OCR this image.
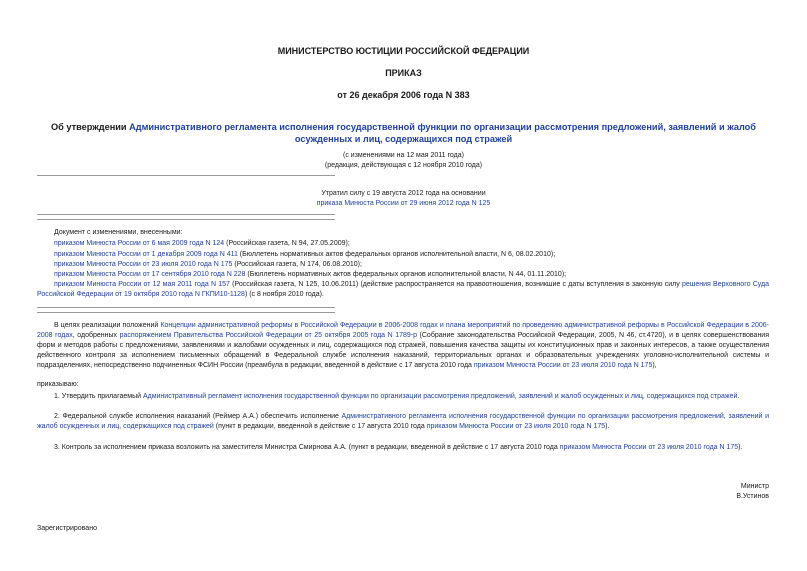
МИНИСТЕРСТВО ЮСТИЦИИ РОССИЙСКОЙ ФЕДЕРАЦИИ
ПРИКАЗ
от 26 декабря 2006 года N 383
Об утверждении Административного регламента исполнения государственной функции по организации рассмотрения предложений, заявлений и жалоб осужденных и лиц, содержащихся под стражей
(с изменениями на 12 мая 2011 года)
(редакция, действующая с 12 ноября 2010 года)
Утратил силу с 19 августа 2012 года на основании
приказа Минюста России от 29 июня 2012 года N 125
Документ с изменениями, внесенными:
приказом Минюста России от 6 мая 2009 года N 124 (Российская газета, N 94, 27.05.2009);
приказом Минюста России от 1 декабря 2009 года N 411 (Бюллетень нормативных актов федеральных органов исполнительной власти, N 6, 08.02.2010);
приказом Минюста России от 23 июля 2010 года N 175 (Российская газета, N 174, 06.08.2010);
приказом Минюста России от 17 сентября 2010 года N 228 (Бюллетень нормативных актов федеральных органов исполнительной власти, N 44, 01.11.2010);
приказом Минюста России от 12 мая 2011 года N 157 (Российская газета, N 125, 10.06.2011) (действие распространяется на правоотношения, возникшие с даты вступления в законную силу решения Верховного Суда Российской Федерации от 19 октября 2010 года N ГКПИ10-1128) (с 8 ноября 2010 года).
В целях реализации положений Концепции административной реформы в Российской Федерации в 2006-2008 годах и плана мероприятий по проведению административной реформы в Российской Федерации в 2006-2008 годах, одобренных распоряжением Правительства Российской Федерации от 25 октября 2005 года N 1789-р (Собрание законодательства Российской Федерации, 2005, N 46, ст.4720), и в целях совершенствования форм и методов работы с предложениями, заявлениями и жалобами осужденных и лиц, содержащихся под стражей, повышения качества защиты их конституционных прав и законных интересов, а также осуществления действенного контроля за исполнением письменных обращений в Федеральной службе исполнения наказаний, территориальных органах и образовательных учреждениях уголовно-исполнительной системы и подразделениях, непосредственно подчиненных ФСИН России (преамбула в редакции, введенной в действие с 17 августа 2010 года приказом Минюста России от 23 июля 2010 года N 175),
приказываю:
1. Утвердить прилагаемый Административный регламент исполнения государственной функции по организации рассмотрения предложений, заявлений и жалоб осужденных и лиц, содержащихся под стражей.
2. Федеральной службе исполнения наказаний (Реймер А.А.) обеспечить исполнение Административного регламента исполнения государственной функции по организации рассмотрения предложений, заявлений и жалоб осужденных и лиц, содержащихся под стражей (пункт в редакции, введенной в действие с 17 августа 2010 года приказом Минюста России от 23 июля 2010 года N 175).
3. Контроль за исполнением приказа возложить на заместителя Министра Смирнова А.А. (пункт в редакции, введенной в действие с 17 августа 2010 года приказом Минюста России от 23 июля 2010 года N 175).
Министр
В.Устинов
Зарегистрировано
